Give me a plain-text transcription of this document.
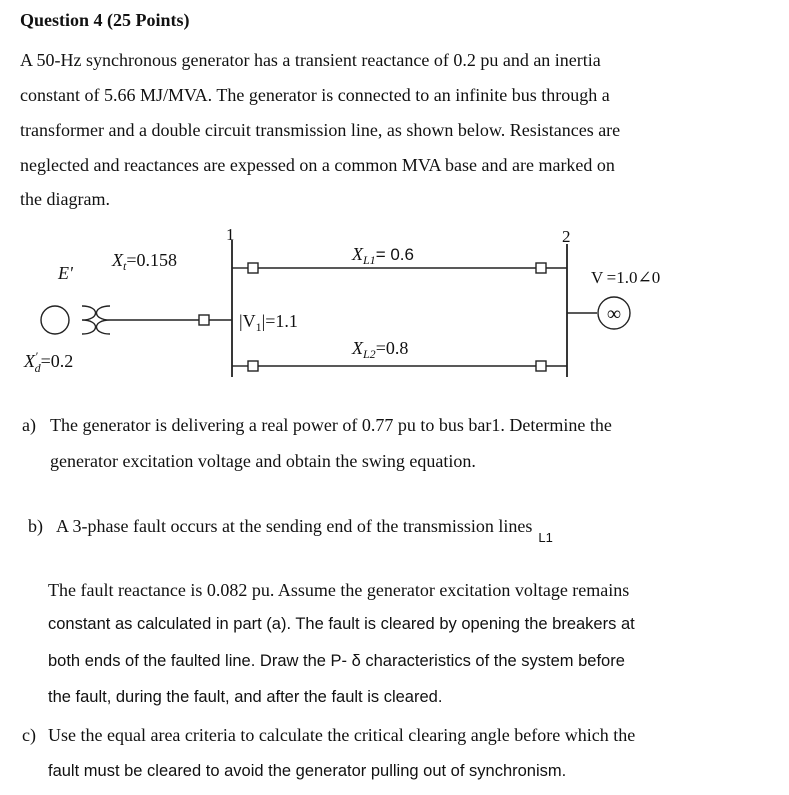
Question 4 (25 Points)
A 50-Hz synchronous generator has a transient reactance of 0.2 pu and an inertia
constant of 5.66 MJ/MVA. The generator is connected to an infinite bus through a
transformer and a double circuit transmission line, as shown below. Resistances are
neglected and reactances are expessed on a common MVA base and are marked on
the diagram.
1	2
$X_t=0.158$
E'
X′ d=0.2
$|V_1|=1.1$
$X_{L1}= 0.6$
$X_{L2}=0.8$
V =1.0∠0
∞
a) The generator is delivering a real power of 0.77 pu to bus bar1. Determine the
generator excitation voltage and obtain the swing equation.
b) A 3-phase fault occurs at the sending end of the transmission lines$_{L1}$
The fault reactance is 0.082 pu. Assume the generator excitation voltage remains
constant as calculated in part (a). The fault is cleared by opening the breakers at
both ends of the faulted line. Draw the P- δ characteristics of the system before
the fault, during the fault, and after the fault is cleared.
c) Use the equal area criteria to calculate the critical clearing angle before which the
fault must be cleared to avoid the generator pulling out of synchronism.
